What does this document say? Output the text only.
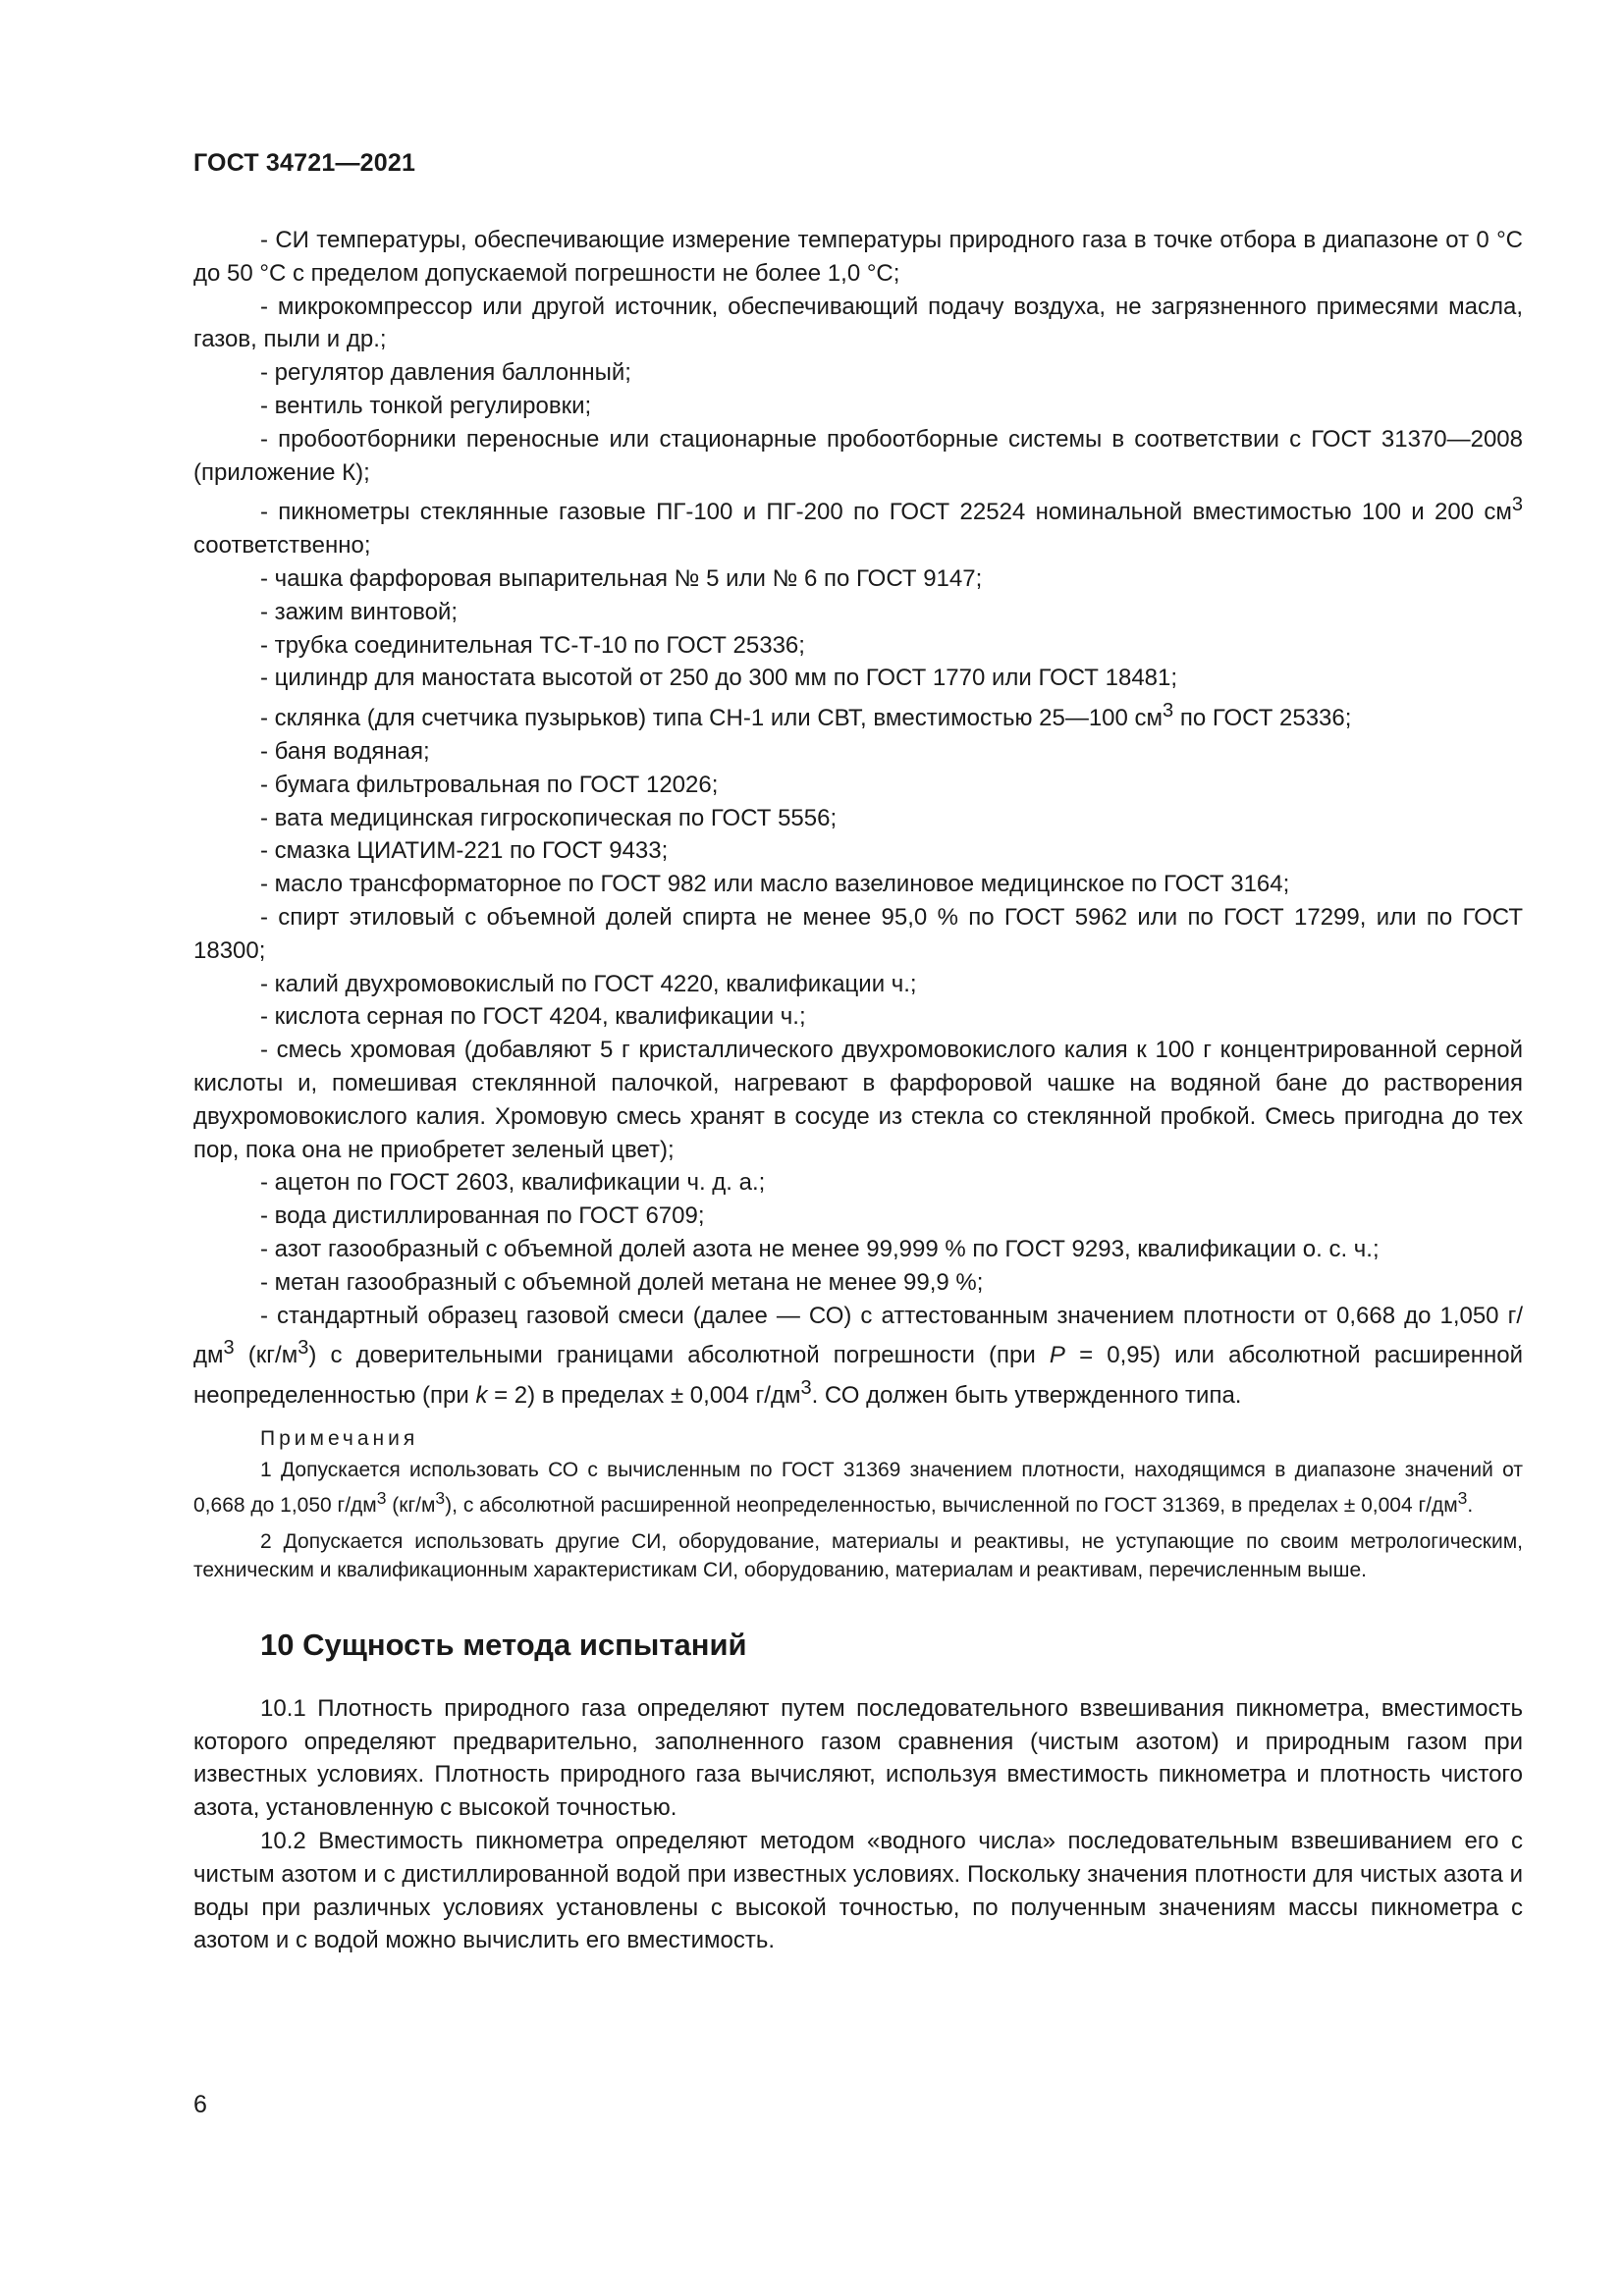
ГОСТ 34721—2021

- СИ температуры, обеспечивающие измерение температуры природного газа в точке отбора в диапазоне от 0 °С до 50 °С с пределом допускаемой погрешности не более 1,0 °С;

- микрокомпрессор или другой источник, обеспечивающий подачу воздуха, не загрязненного примесями масла, газов, пыли и др.;

- регулятор давления баллонный;

- вентиль тонкой регулировки;

- пробоотборники переносные или стационарные пробоотборные системы в соответствии с ГОСТ 31370—2008 (приложение К);

- пикнометры стеклянные газовые ПГ-100 и ПГ-200 по ГОСТ 22524 номинальной вместимостью 100 и 200 $см^3$ соответственно;

- чашка фарфоровая выпарительная № 5 или № 6 по ГОСТ 9147;

- зажим винтовой;

- трубка соединительная ТС-Т-10 по ГОСТ 25336;

- цилиндр для маностата высотой от 250 до 300 мм по ГОСТ 1770 или ГОСТ 18481;

- склянка (для счетчика пузырьков) типа СН-1 или СВТ, вместимостью 25—100 $см^3$ по ГОСТ 25336;

- баня водяная;

- бумага фильтровальная по ГОСТ 12026;

- вата медицинская гигроскопическая по ГОСТ 5556;

- смазка ЦИАТИМ-221 по ГОСТ 9433;

- масло трансформаторное по ГОСТ 982 или масло вазелиновое медицинское по ГОСТ 3164;

- спирт этиловый с объемной долей спирта не менее 95,0 % по ГОСТ 5962 или по ГОСТ 17299, или по ГОСТ 18300;

- калий двухромовокислый по ГОСТ 4220, квалификации ч.;

- кислота серная по ГОСТ 4204, квалификации ч.;

- смесь хромовая (добавляют 5 г кристаллического двухромовокислого калия к 100 г концентрированной серной кислоты и, помешивая стеклянной палочкой, нагревают в фарфоровой чашке на водяной бане до растворения двухромовокислого калия. Хромовую смесь хранят в сосуде из стекла со стеклянной пробкой. Смесь пригодна до тех пор, пока она не приобретет зеленый цвет);

- ацетон по ГОСТ 2603, квалификации ч. д. а.;

- вода дистиллированная по ГОСТ 6709;

- азот газообразный с объемной долей азота не менее 99,999 % по ГОСТ 9293, квалификации о. с. ч.;

- метан газообразный с объемной долей метана не менее 99,9 %;

- стандартный образец газовой смеси (далее — СО) с аттестованным значением плотности от 0,668 до 1,050 $г/дм^3$ $(кг/м^3)$ с доверительными границами абсолютной погрешности (при P = 0,95) или абсолютной расширенной неопределенностью (при k = 2) в пределах ± 0,004 $г/дм^3$. СО должен быть утвержденного типа.

Примечания

1 Допускается использовать СО с вычисленным по ГОСТ 31369 значением плотности, находящимся в диапазоне значений от 0,668 до 1,050 $г/дм^3$ $(кг/м^3)$, с абсолютной расширенной неопределенностью, вычисленной по ГОСТ 31369, в пределах ± 0,004 $г/дм^3$.

2 Допускается использовать другие СИ, оборудование, материалы и реактивы, не уступающие по своим метрологическим, техническим и квалификационным характеристикам СИ, оборудованию, материалам и реактивам, перечисленным выше.

10 Сущность метода испытаний

10.1 Плотность природного газа определяют путем последовательного взвешивания пикнометра, вместимость которого определяют предварительно, заполненного газом сравнения (чистым азотом) и природным газом при известных условиях. Плотность природного газа вычисляют, используя вместимость пикнометра и плотность чистого азота, установленную с высокой точностью.

10.2 Вместимость пикнометра определяют методом «водного числа» последовательным взвешиванием его с чистым азотом и с дистиллированной водой при известных условиях. Поскольку значения плотности для чистых азота и воды при различных условиях установлены с высокой точностью, по полученным значениям массы пикнометра с азотом и с водой можно вычислить его вместимость.

6
